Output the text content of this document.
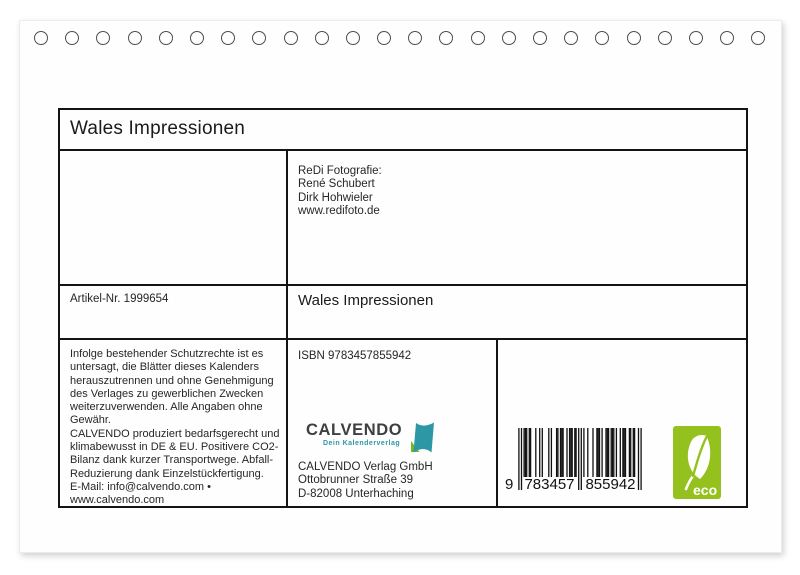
Wales Impressionen
ReDi Fotografie:
René Schubert
Dirk Hohwieler
www.redifoto.de
Artikel-Nr. 1999654	Wales Impressionen
Infolge bestehender Schutzrechte ist es untersagt, die Blätter dieses Kalenders herauszutrennen und ohne Genehmigung des Verlages zu gewerblichen Zwecken weiterzuverwenden. Alle Angaben ohne Gewähr.
CALVENDO produziert bedarfsgerecht und klimabewusst in DE & EU. Positivere CO2-Bilanz dank kurzer Transportwege. Abfall-Reduzierung dank Einzelstückfertigung.
E-Mail: info@calvendo.com •
www.calvendo.com
ISBN 9783457855942
CALVENDO
Dein Kalenderverlag
CALVENDO Verlag GmbH
Ottobrunner Straße 39
D-82008 Unterhaching
9 783457 855942	eco
